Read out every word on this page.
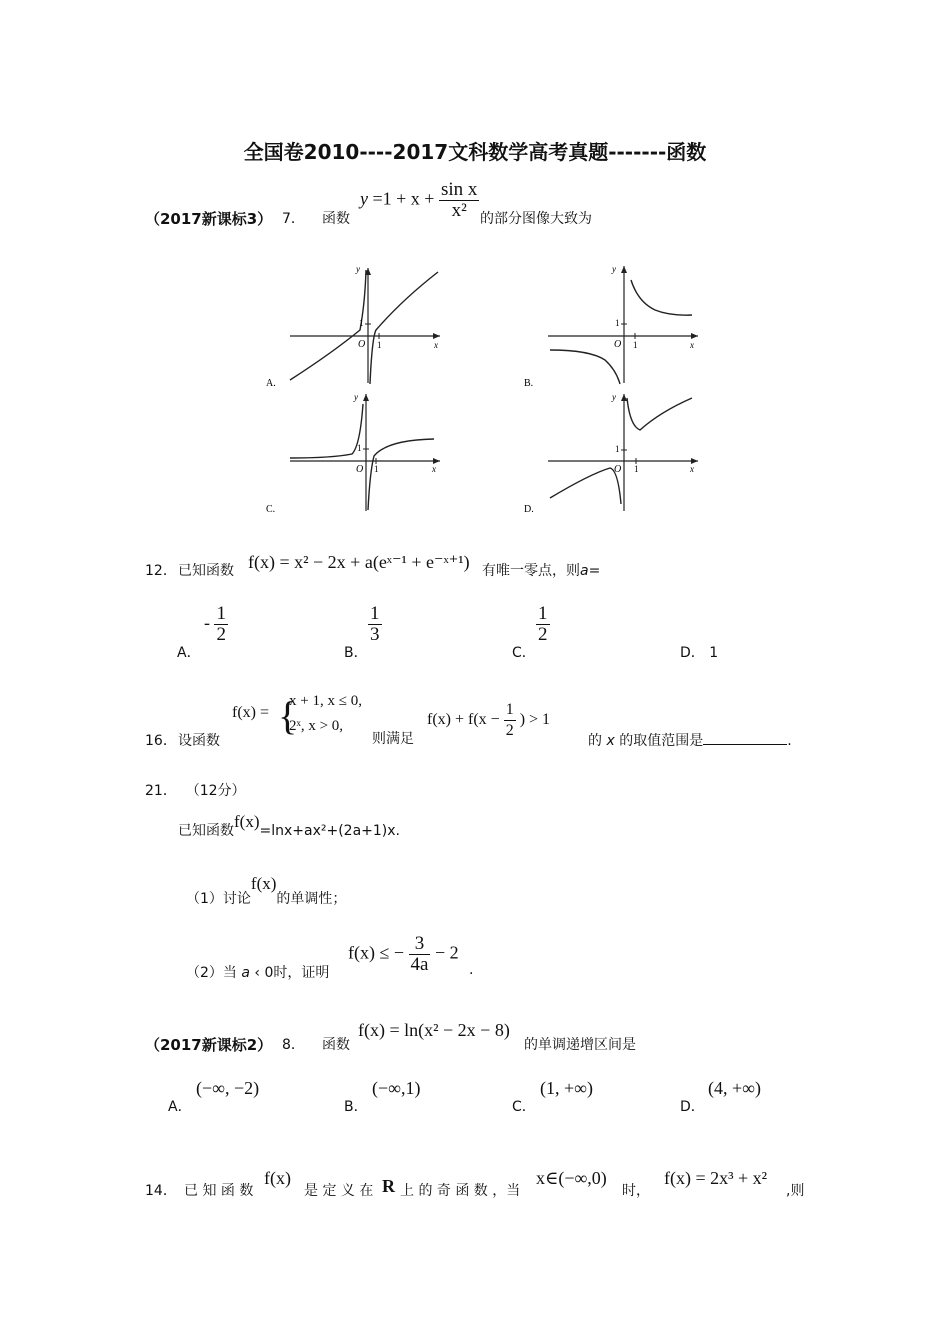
全国卷2010----2017文科数学高考真题-------函数
（2017新课标3） 7． 函数
$y =1 + x + \frac{\text{sin x}}{\text{x²}}$ 的部分图像大致为
A.
y
x
O 1
1
B.
y
x
O 1
1
C.
y
x
O 1
1
D.
y
x
O 1
1
12． 已知函数 f(x) = x² − 2x + a(eˣ⁻¹ + e⁻ˣ⁺¹) 有唯一零点，则a=
A．
- $\frac{1}{2}$
B．
$\frac{1}{3}$
C．
$\frac{1}{2}$
D． 1
16． 设函数
f(x) = {
x + 1, x ≤ 0,
2ˣ, x > 0,
则满足
$f(x) + f(x - \frac{1}{2}$ ) > 1
的 x 的取值范围是	.
21． （12分）
已知函数f(x)=lnx+ax²+(2a+1)x.
（1）讨论f(x)的单调性；
（2）当 a ‹ 0时，证明
f(x) ≤ − $\frac{3}{4a} - 2$
.
（2017新课标2） 8． 函数
f(x) = ln(x² − 2x − 8)
的单调递增区间是
A．
(−∞, −2)
B．
(−∞,1)
C．
(1, +∞)
D．
(4, +∞)
14． 已 知 函 数
f(x)
是 定 义 在 R 上 的 奇 函 数 ，当
x∈(−∞,0)
时，
f(x) = 2x³ + x²
,则
